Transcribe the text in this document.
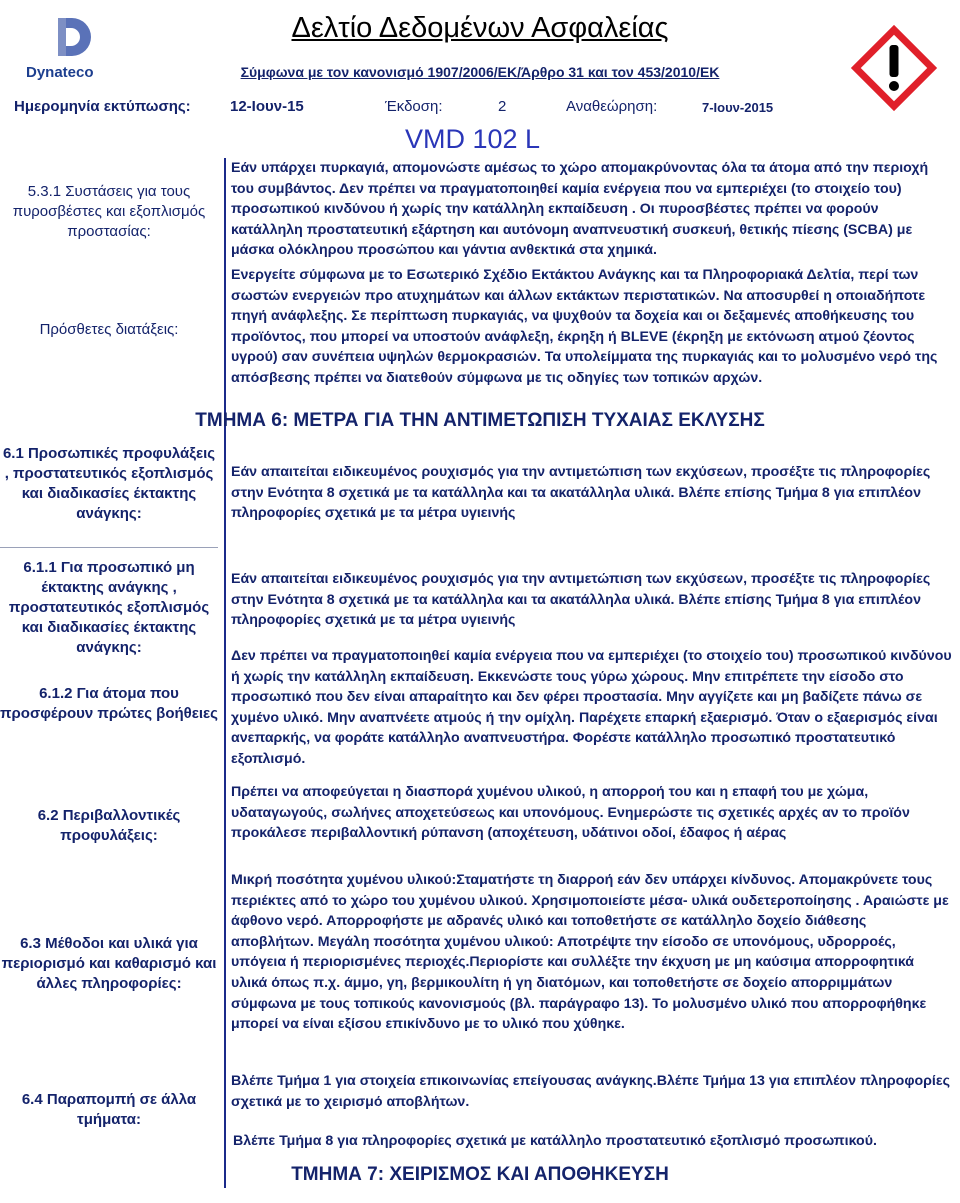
Dynateco
Δελτίο Δεδομένων Ασφαλείας
Σύμφωνα με τον κανονισμό 1907/2006/ΕΚ/Άρθρο 31 και τον 453/2010/ΕΚ
Ημερομηνία εκτύπωσης:	12-Ιουν-15	Έκδοση:	2	Αναθεώρηση:	7-Ιουν-2015
VMD 102 L
5.3.1 Συστάσεις για τους πυροσβέστες και εξοπλισμός προστασίας:
Εάν υπάρχει πυρκαγιά, απομονώστε αμέσως το χώρο απομακρύνοντας όλα τα άτομα από την περιοχή του συμβάντος. Δεν πρέπει να πραγματοποιηθεί καμία ενέργεια που να εμπεριέχει (το στοιχείο του) προσωπικού κινδύνου ή χωρίς την κατάλληλη εκπαίδευση . Οι πυροσβέστες πρέπει να φορούν κατάλληλη προστατευτική εξάρτηση και αυτόνομη αναπνευστική συσκευή, θετικής πίεσης (SCBA) με μάσκα ολόκληρου προσώπου και γάντια ανθεκτικά στα χημικά.
Πρόσθετες διατάξεις:
Ενεργείτε σύμφωνα με το Εσωτερικό Σχέδιο Εκτάκτου Ανάγκης και τα Πληροφοριακά Δελτία, περί των σωστών ενεργειών προ ατυχημάτων και άλλων εκτάκτων περιστατικών. Να αποσυρθεί η οποιαδήποτε πηγή ανάφλεξης. Σε περίπτωση πυρκαγιάς, να ψυχθούν τα δοχεία και οι δεξαμενές αποθήκευσης του προϊόντος, που μπορεί να υποστούν ανάφλεξη, έκρηξη ή BLEVE (έκρηξη με εκτόνωση ατμού ζέοντος υγρού) σαν συνέπεια υψηλών θερμοκρασιών. Τα υπολείμματα της πυρκαγιάς και το μολυσμένο νερό της απόσβεσης πρέπει να διατεθούν σύμφωνα με τις οδηγίες των τοπικών αρχών.
ΤΜΗΜΑ 6: ΜΕΤΡΑ ΓΙΑ ΤΗΝ ΑΝΤΙΜΕΤΩΠΙΣΗ ΤΥΧΑΙΑΣ ΕΚΛΥΣΗΣ
6.1 Προσωπικές προφυλάξεις , προστατευτικός εξοπλισμός και διαδικασίες έκτακτης ανάγκης:
Εάν απαιτείται ειδικευμένος ρουχισμός για την αντιμετώπιση των εκχύσεων, προσέξτε τις πληροφορίες στην Ενότητα 8 σχετικά με τα κατάλληλα και τα ακατάλληλα υλικά. Βλέπε επίσης Τμήμα 8 για επιπλέον πληροφορίες σχετικά με τα μέτρα υγιεινής
6.1.1 Για προσωπικό μη έκτακτης ανάγκης , προστατευτικός εξοπλισμός και διαδικασίες έκτακτης ανάγκης:
Εάν απαιτείται ειδικευμένος ρουχισμός για την αντιμετώπιση των εκχύσεων, προσέξτε τις πληροφορίες στην Ενότητα 8 σχετικά με τα κατάλληλα και τα ακατάλληλα υλικά. Βλέπε επίσης Τμήμα 8 για επιπλέον πληροφορίες σχετικά με τα μέτρα υγιεινής
6.1.2 Για άτομα που προσφέρουν πρώτες βοήθειες
Δεν πρέπει να πραγματοποιηθεί καμία ενέργεια που να εμπεριέχει (το στοιχείο του) προσωπικού κινδύνου ή χωρίς την κατάλληλη εκπαίδευση. Εκκενώστε τους γύρω χώρους. Μην επιτρέπετε την είσοδο στο προσωπικό που δεν είναι απαραίτητο και δεν φέρει προστασία. Μην αγγίζετε και μη βαδίζετε πάνω σε χυμένο υλικό. Μην αναπνέετε ατμούς ή την ομίχλη. Παρέχετε επαρκή εξαερισμό. Όταν ο εξαερισμός είναι ανεπαρκής, να φοράτε κατάλληλο αναπνευστήρα. Φορέστε κατάλληλο προσωπικό προστατευτικό εξοπλισμό.
6.2 Περιβαλλοντικές προφυλάξεις:
Πρέπει να αποφεύγεται η διασπορά χυμένου υλικού, η απορροή του και η επαφή του με χώμα, υδαταγωγούς, σωλήνες αποχετεύσεως και υπονόμους. Ενημερώστε τις σχετικές αρχές αν το προϊόν προκάλεσε περιβαλλοντική ρύπανση (αποχέτευση, υδάτινοι οδοί, έδαφος ή αέρας
6.3 Μέθοδοι και υλικά για περιορισμό και καθαρισμό και άλλες πληροφορίες:
Μικρή ποσότητα χυμένου υλικού:Σταματήστε τη διαρροή εάν δεν υπάρχει κίνδυνος. Απομακρύνετε τους περιέκτες από το χώρο του χυμένου υλικού. Χρησιμοποιείστε μέσα- υλικά ουδετεροποίησης . Αραιώστε με άφθονο νερό. Απορροφήστε με αδρανές υλικό και τοποθετήστε σε κατάλληλο δοχείο διάθεσης αποβλήτων. Μεγάλη ποσότητα χυμένου υλικού: Αποτρέψτε την είσοδο σε υπονόμους, υδρορροές, υπόγεια ή περιορισμένες περιοχές.Περιορίστε και συλλέξτε την έκχυση με μη καύσιμα απορροφητικά υλικά όπως π.χ. άμμο, γη, βερμικουλίτη ή γη διατόμων, και τοποθετήστε σε δοχείο απορριμμάτων σύμφωνα με τους τοπικούς κανονισμούς (βλ. παράγραφο 13). Το μολυσμένο υλικό που απορροφήθηκε μπορεί να είναι εξίσου επικίνδυνο με το υλικό που χύθηκε.
6.4 Παραπομπή σε άλλα τμήματα:
Βλέπε Τμήμα 1 για στοιχεία επικοινωνίας επείγουσας ανάγκης.Βλέπε Τμήμα 13 για επιπλέον πληροφορίες σχετικά με το χειρισμό αποβλήτων.
Βλέπε Τμήμα 8 για πληροφορίες σχετικά με κατάλληλο προστατευτικό εξοπλισμό προσωπικού.
ΤΜΗΜΑ 7: ΧΕΙΡΙΣΜΟΣ ΚΑΙ ΑΠΟΘΗΚΕΥΣΗ
